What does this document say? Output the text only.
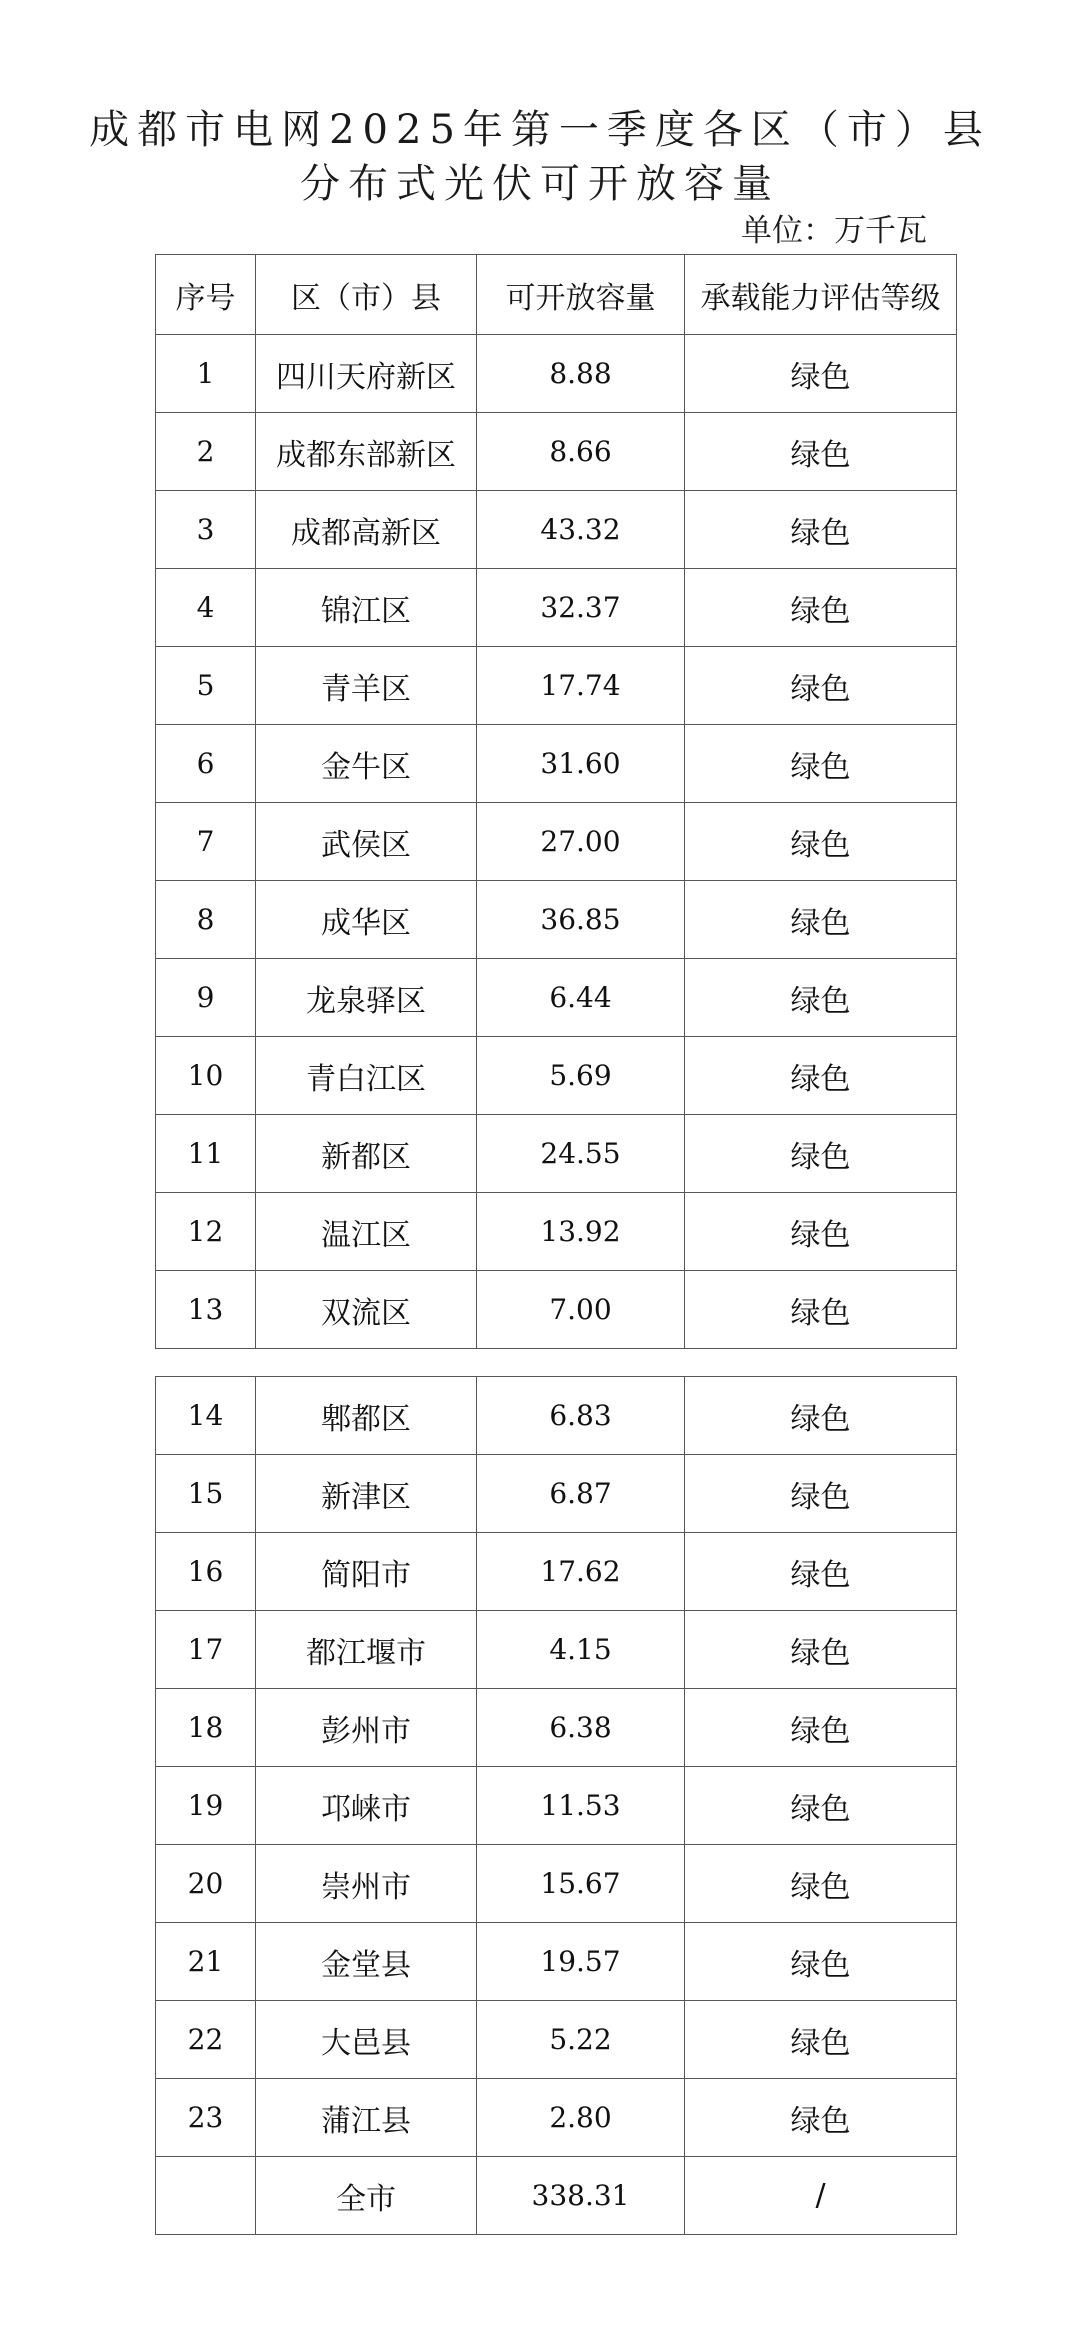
成都市电网2025年第一季度各区（市）县
分布式光伏可开放容量
单位：万千瓦
序号	区（市）县	可开放容量	承载能力评估等级
1	四川天府新区	8.88	绿色
2	成都东部新区	8.66	绿色
3	成都高新区	43.32	绿色
4	锦江区	32.37	绿色
5	青羊区	17.74	绿色
6	金牛区	31.60	绿色
7	武侯区	27.00	绿色
8	成华区	36.85	绿色
9	龙泉驿区	6.44	绿色
10	青白江区	5.69	绿色
11	新都区	24.55	绿色
12	温江区	13.92	绿色
13	双流区	7.00	绿色
14	郫都区	6.83	绿色
15	新津区	6.87	绿色
16	简阳市	17.62	绿色
17	都江堰市	4.15	绿色
18	彭州市	6.38	绿色
19	邛崃市	11.53	绿色
20	崇州市	15.67	绿色
21	金堂县	19.57	绿色
22	大邑县	5.22	绿色
23	蒲江县	2.80	绿色
	全市	338.31	/
